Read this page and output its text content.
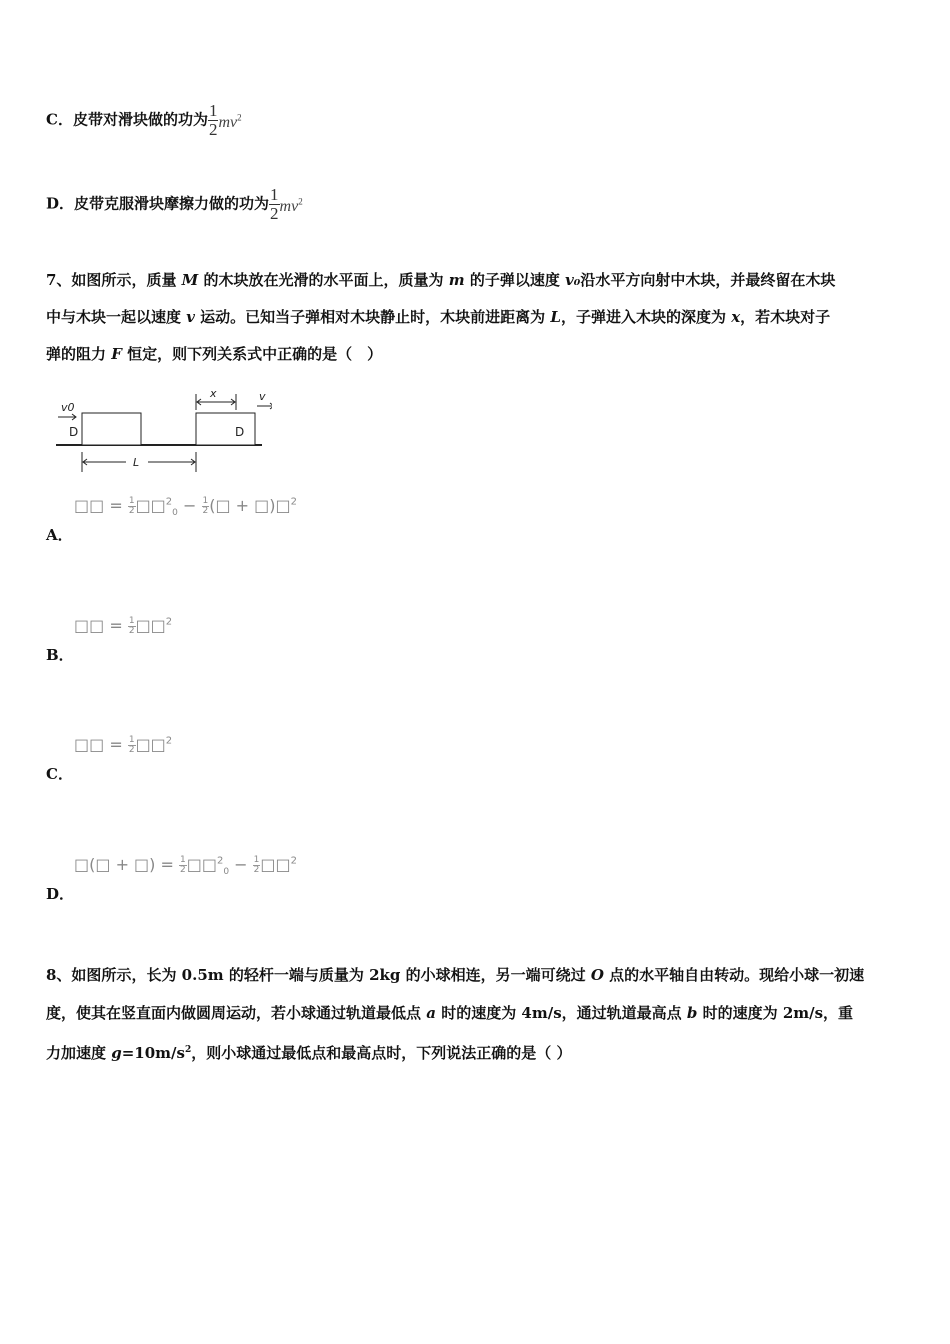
C．皮带对滑块做的功为 $\frac{1}{2} mv^2$
D．皮带克服滑块摩擦力做的功为 $\frac{1}{2} mv^2$
7、如图所示，质量 M 的木块放在光滑的水平面上，质量为 m 的子弹以速度 v₀沿水平方向射中木块，并最终留在木块
中与木块一起以速度 v 运动。已知当子弹相对木块静止时，木块前进距离为 L，子弹进入木块的深度为 x，若木块对子
弹的阻力 F 恒定，则下列关系式中正确的是（　）
v0
D	D
x	v
L
□□ = $\frac{1}{2}$ □□$^2_0$ − $\frac{1}{2}$ (□ + □)□$^2$
A．
□□ = $\frac{1}{2}$ □□$^2$
B．
□□ = $\frac{1}{2}$ □□$^2$
C．
□(□ + □) = $\frac{1}{2}$ □□$^2_0$ − $\frac{1}{2}$ □□$^2$
D．
8、如图所示，长为 0.5m 的轻杆一端与质量为 2kg 的小球相连，另一端可绕过 O 点的水平轴自由转动。现给小球一初速
度，使其在竖直面内做圆周运动，若小球通过轨道最低点 a 时的速度为 4m/s，通过轨道最高点 b 时的速度为 2m/s，重
力加速度 $g=10m/s^2$，则小球通过最低点和最高点时，下列说法正确的是（ ）
